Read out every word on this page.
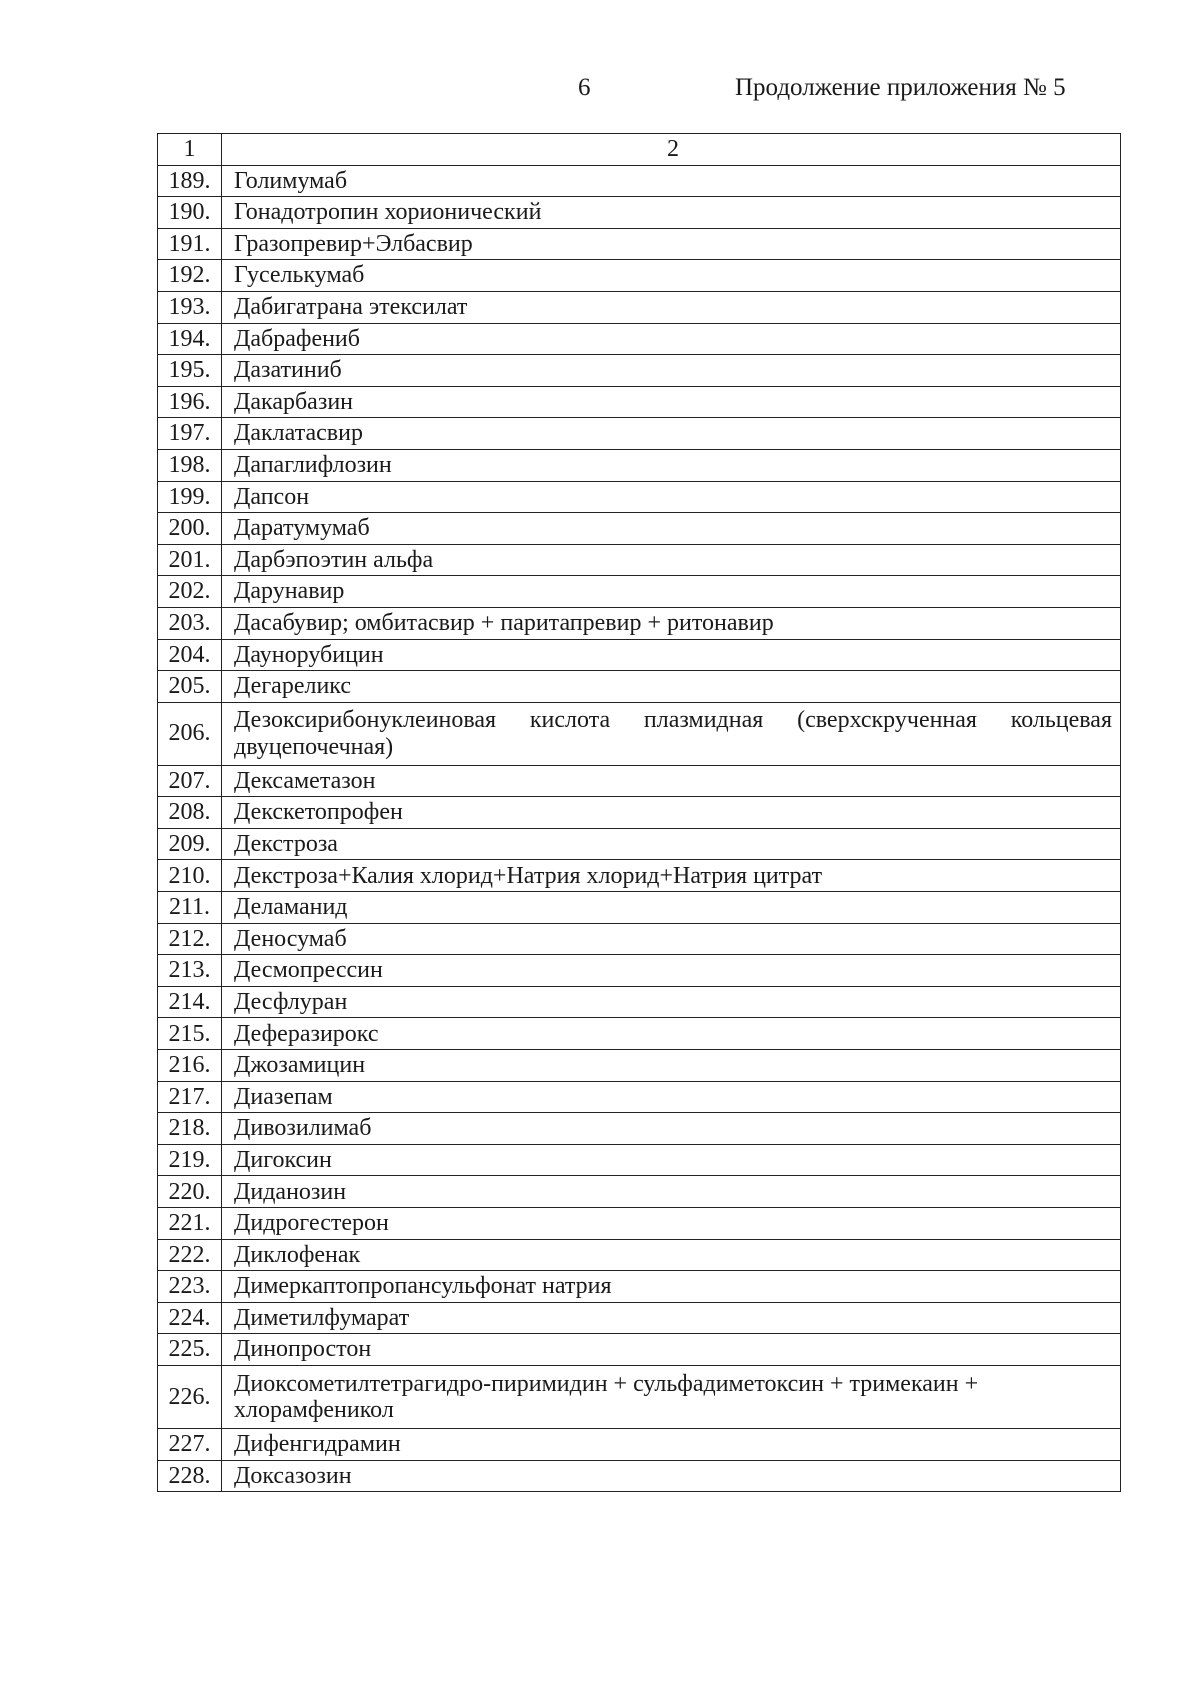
6	Продолжение приложения № 5
1	2
189.	Голимумаб
190.	Гонадотропин хорионический
191.	Гразопревир+Элбасвир
192.	Гуселькумаб
193.	Дабигатрана этексилат
194.	Дабрафениб
195.	Дазатиниб
196.	Дакарбазин
197.	Даклатасвир
198.	Дапаглифлозин
199.	Дапсон
200.	Даратумумаб
201.	Дарбэпоэтин альфа
202.	Дарунавир
203.	Дасабувир; омбитасвир + паритапревир + ритонавир
204.	Даунорубицин
205.	Дегареликс
206.	Дезоксирибонуклеиновая кислота плазмидная (сверхскрученная кольцевая двуцепочечная)
207.	Дексаметазон
208.	Декскетопрофен
209.	Декстроза
210.	Декстроза+Калия хлорид+Натрия хлорид+Натрия цитрат
211.	Деламанид
212.	Деносумаб
213.	Десмопрессин
214.	Десфлуран
215.	Деферазирокс
216.	Джозамицин
217.	Диазепам
218.	Дивозилимаб
219.	Дигоксин
220.	Диданозин
221.	Дидрогестерон
222.	Диклофенак
223.	Димеркаптопропансульфонат натрия
224.	Диметилфумарат
225.	Динопростон
226.	Диоксометилтетрагидро-пиримидин + сульфадиметоксин + тримекаин + хлорамфеникол
227.	Дифенгидрамин
228.	Доксазозин
